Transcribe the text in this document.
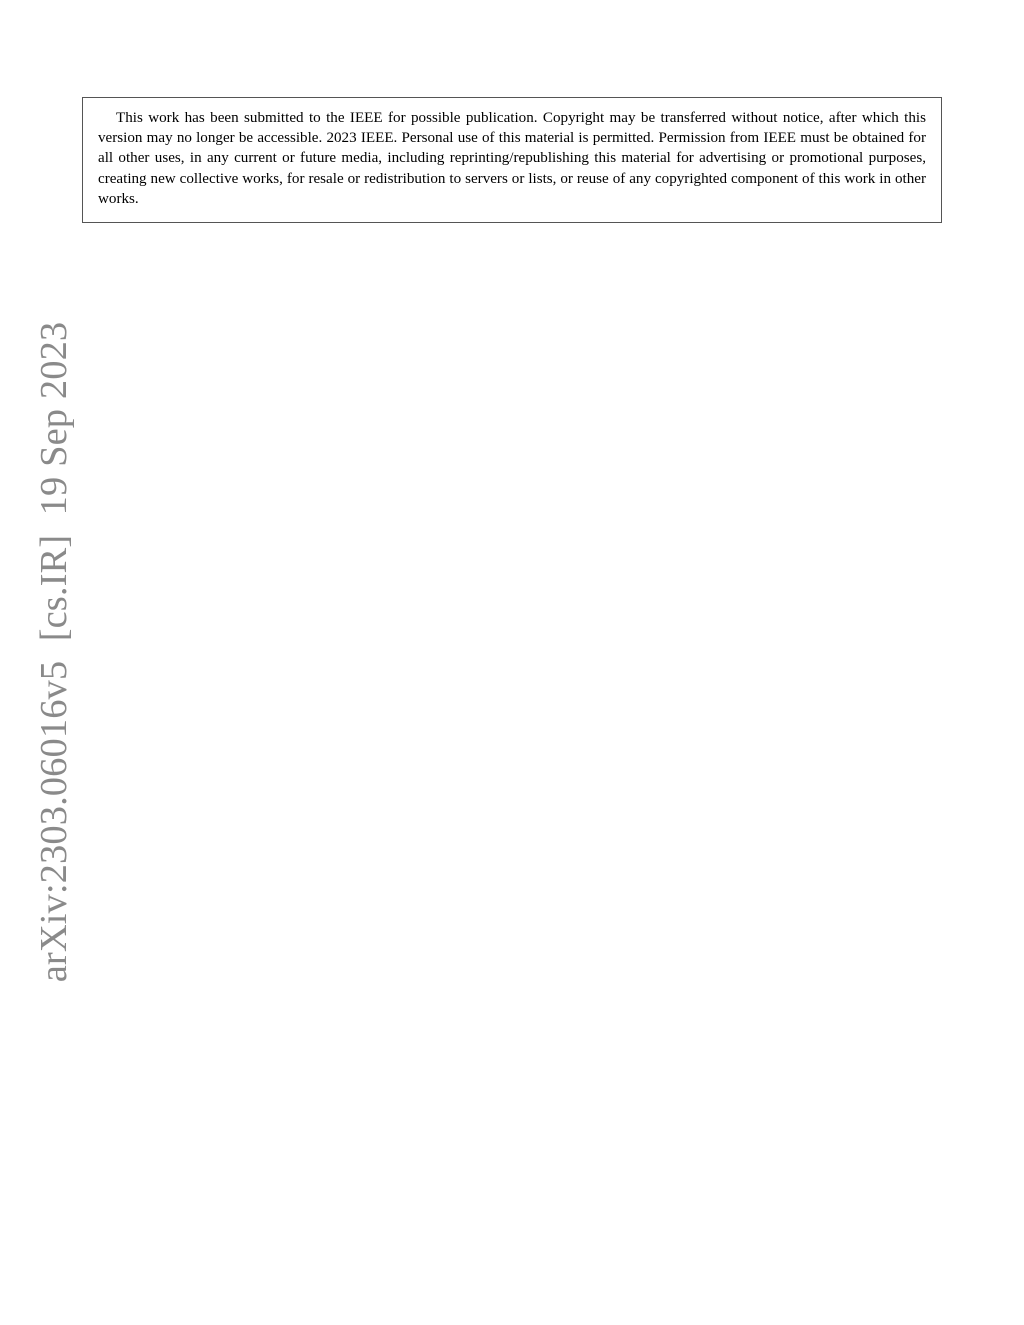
This work has been submitted to the IEEE for possible publication. Copyright may be transferred without notice, after which this version may no longer be accessible. 2023 IEEE. Personal use of this material is permitted. Permission from IEEE must be obtained for all other uses, in any current or future media, including reprinting/republishing this material for advertising or promotional purposes, creating new collective works, for resale or redistribution to servers or lists, or reuse of any copyrighted component of this work in other works.

arXiv:2303.06016v5  [cs.IR]  19 Sep 2023
